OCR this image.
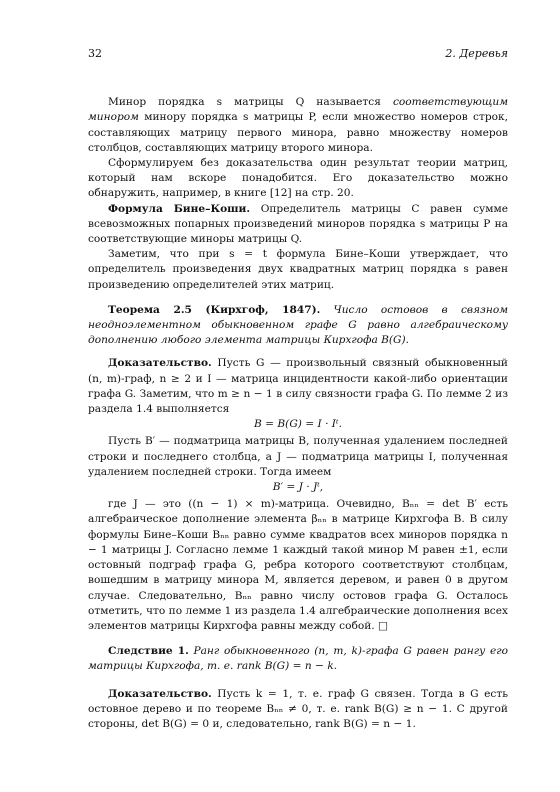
32	2. Деревья

Минор порядка s матрицы Q называется соответствующим минором минору порядка s матрицы P, если множество номеров строк, составляющих матрицу первого минора, равно множеству номеров столбцов, составляющих матрицу второго минора.

Сформулируем без доказательства один результат теории матриц, который нам вскоре понадобится. Его доказательство можно обнаружить, например, в книге [12] на стр. 20.

Формула Бине–Коши. Определитель матрицы C равен сумме всевозможных попарных произведений миноров порядка s матрицы P на соответствующие миноры матрицы Q.

Заметим, что при s = t формула Бине–Коши утверждает, что определитель произведения двух квадратных матриц порядка s равен произведению определителей этих матриц.

Теорема 2.5 (Кирхгоф, 1847). Число остовов в связном неодноэлементном обыкновенном графе G равно алгебраическому дополнению любого элемента матрицы Кирхгофа B(G).

Доказательство. Пусть G — произвольный связный обыкновенный (n, m)-граф, n ≥ 2 и I — матрица инцидентности какой-либо ориентации графа G. Заметим, что m ≥ n − 1 в силу связности графа G. По лемме 2 из раздела 1.4 выполняется

B = B(G) = I · Iᵗ.

Пусть B′ — подматрица матрицы B, полученная удалением последней строки и последнего столбца, а J — подматрица матрицы I, полученная удалением последней строки. Тогда имеем

B′ = J · Jᵗ,

где J — это ((n − 1) × m)-матрица. Очевидно, Bₙₙ = det B′ есть алгебраическое дополнение элемента βₙₙ в матрице Кирхгофа B. В силу формулы Бине–Коши Bₙₙ равно сумме квадратов всех миноров порядка n − 1 матрицы J. Согласно лемме 1 каждый такой минор M равен ±1, если остовный подграф графа G, ребра которого соответствуют столбцам, вошедшим в матрицу минора M, является деревом, и равен 0 в другом случае. Следовательно, Bₙₙ равно числу остовов графа G. Осталось отметить, что по лемме 1 из раздела 1.4 алгебраические дополнения всех элементов матрицы Кирхгофа равны между собой. □

Следствие 1. Ранг обыкновенного (n, m, k)-графа G равен рангу его матрицы Кирхгофа, т. е. rank B(G) = n − k.

Доказательство. Пусть k = 1, т. е. граф G связен. Тогда в G есть остовное дерево и по теореме Bₙₙ ≠ 0, т. е. rank B(G) ≥ n − 1. С другой стороны, det B(G) = 0 и, следовательно, rank B(G) = n − 1.
